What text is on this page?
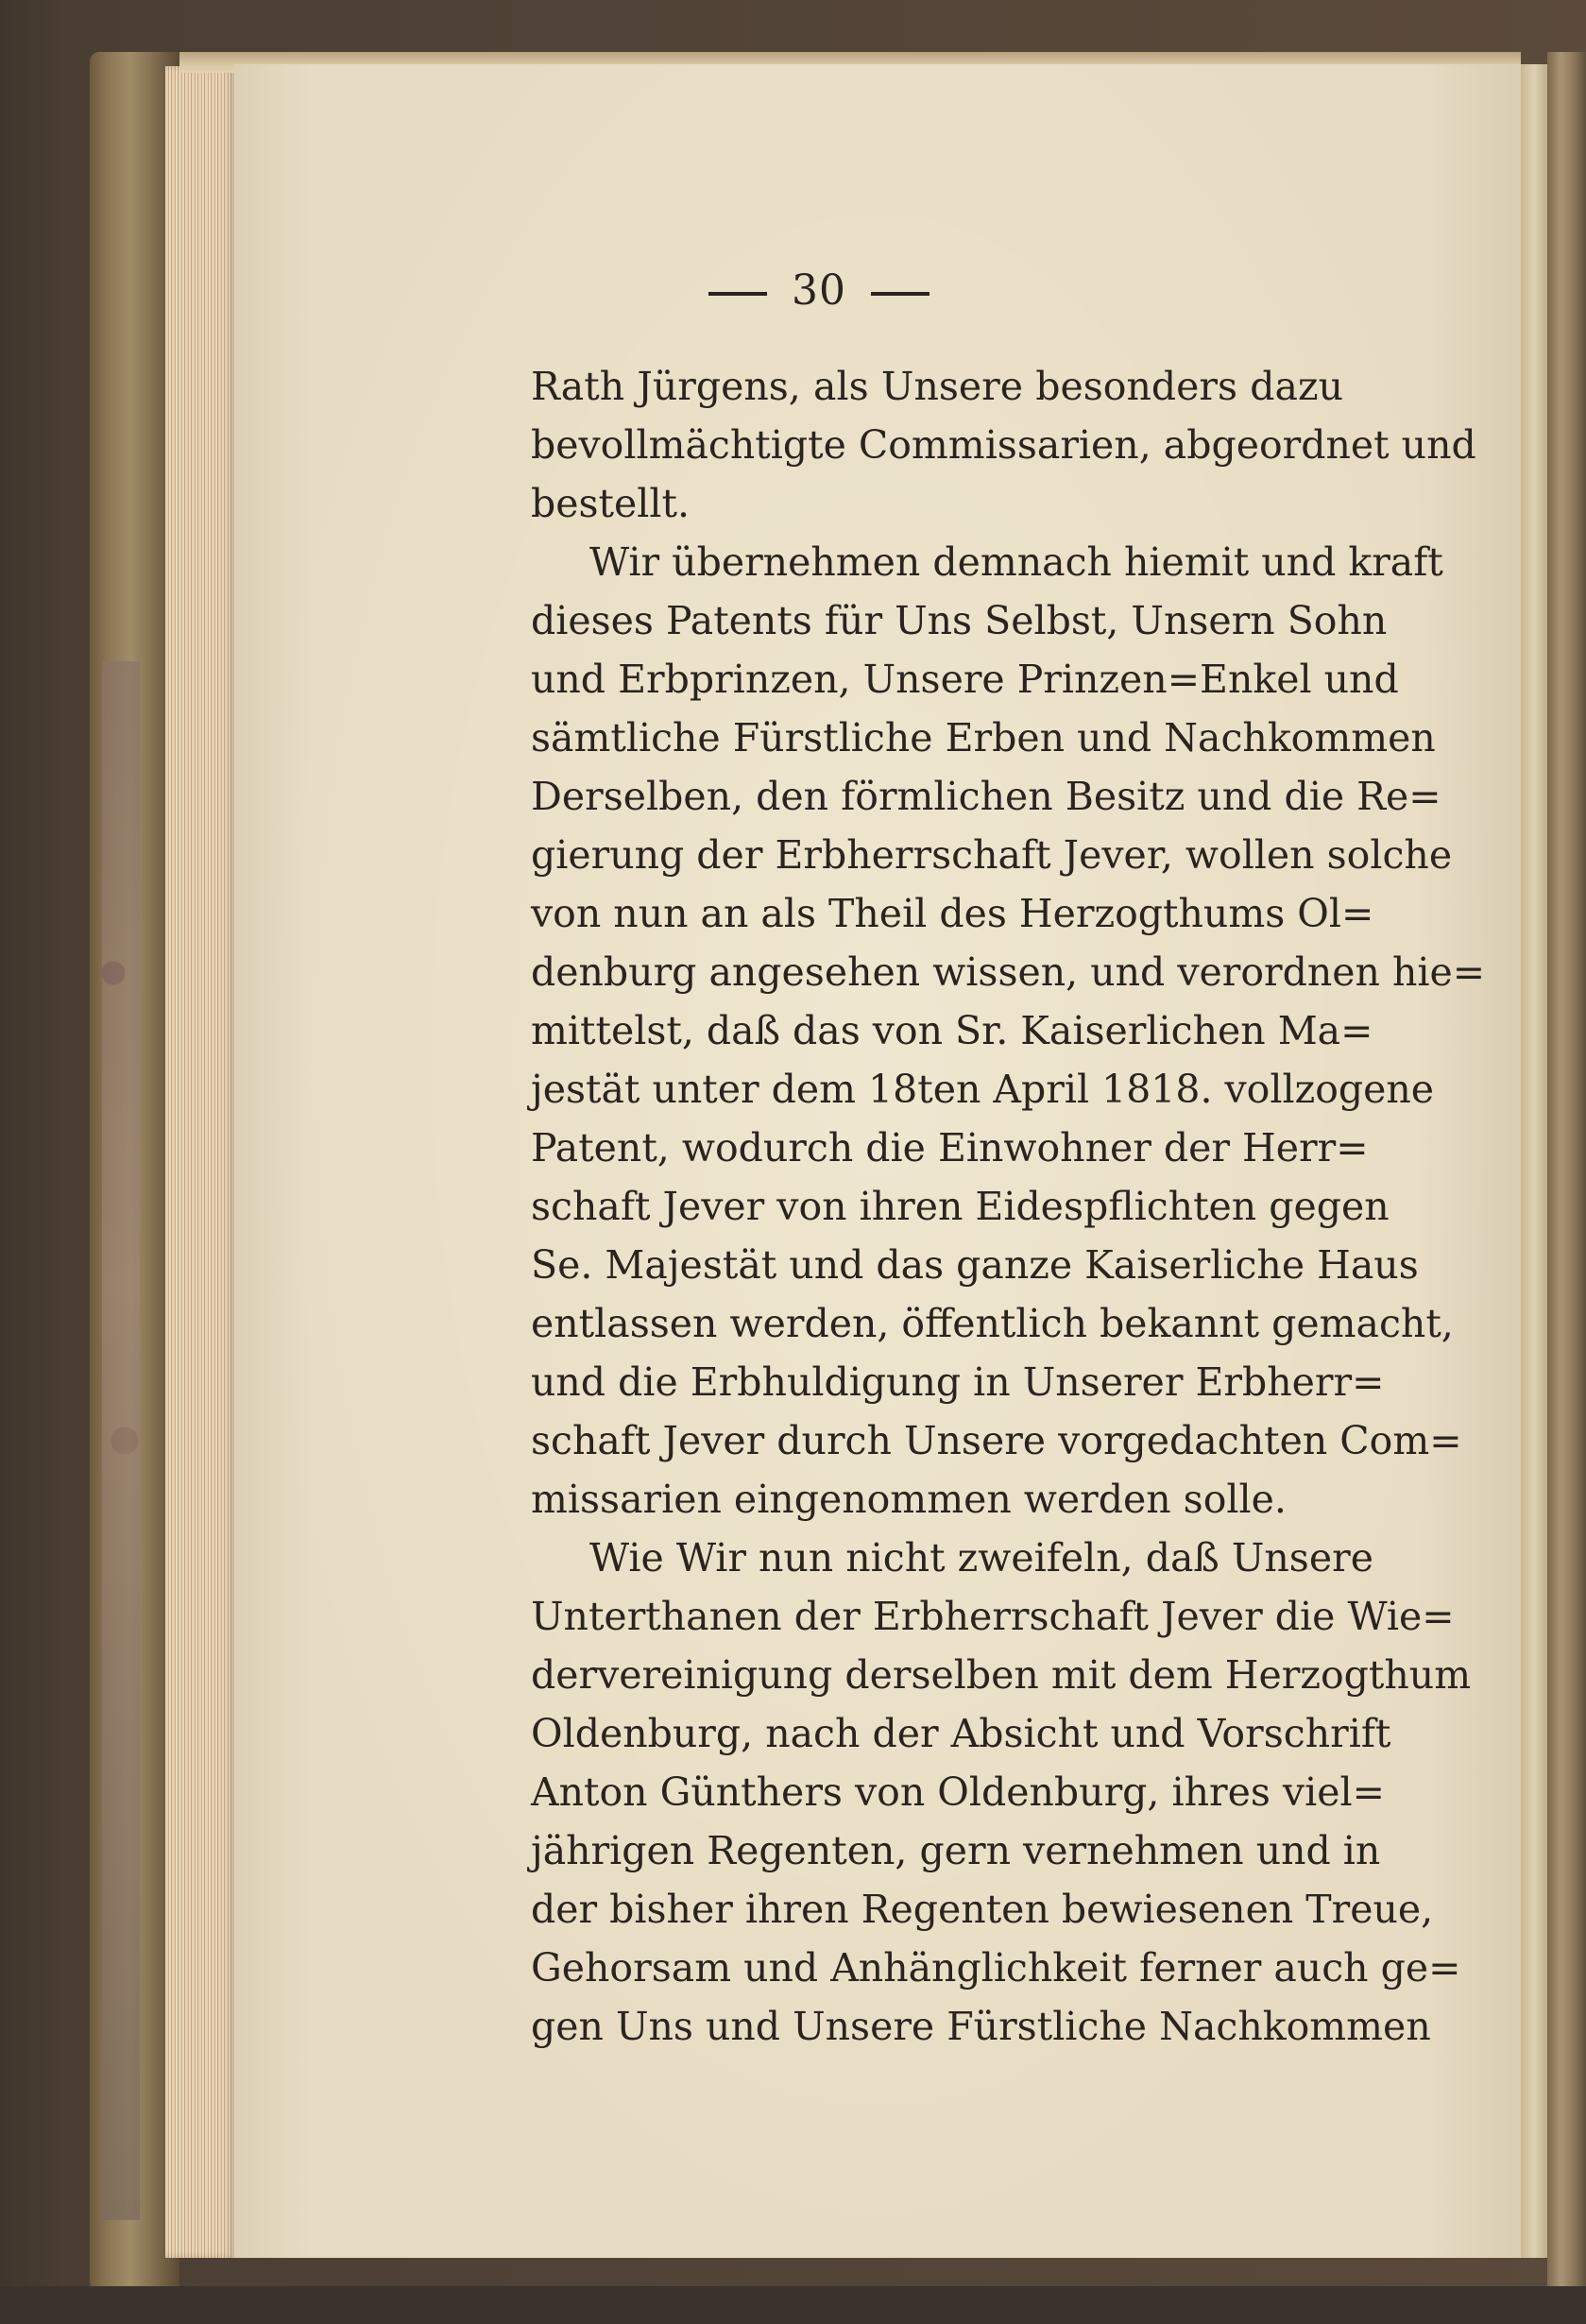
30
Rath Jürgens, als Unsere besonders dazu
bevollmächtigte Commissarien, abgeordnet und
bestellt.
Wir übernehmen demnach hiemit und kraft
dieses Patents für Uns Selbst, Unsern Sohn
und Erbprinzen, Unsere Prinzen=Enkel und
sämtliche Fürstliche Erben und Nachkommen
Derselben, den förmlichen Besitz und die Re=
gierung der Erbherrschaft Jever, wollen solche
von nun an als Theil des Herzogthums Ol=
denburg angesehen wissen, und verordnen hie=
mittelst, daß das von Sr. Kaiserlichen Ma=
jestät unter dem 18ten April 1818. vollzogene
Patent, wodurch die Einwohner der Herr=
schaft Jever von ihren Eidespflichten gegen
Se. Majestät und das ganze Kaiserliche Haus
entlassen werden, öffentlich bekannt gemacht,
und die Erbhuldigung in Unserer Erbherr=
schaft Jever durch Unsere vorgedachten Com=
missarien eingenommen werden solle.
Wie Wir nun nicht zweifeln, daß Unsere
Unterthanen der Erbherrschaft Jever die Wie=
dervereinigung derselben mit dem Herzogthum
Oldenburg, nach der Absicht und Vorschrift
Anton Günthers von Oldenburg, ihres viel=
jährigen Regenten, gern vernehmen und in
der bisher ihren Regenten bewiesenen Treue,
Gehorsam und Anhänglichkeit ferner auch ge=
gen Uns und Unsere Fürstliche Nachkommen
